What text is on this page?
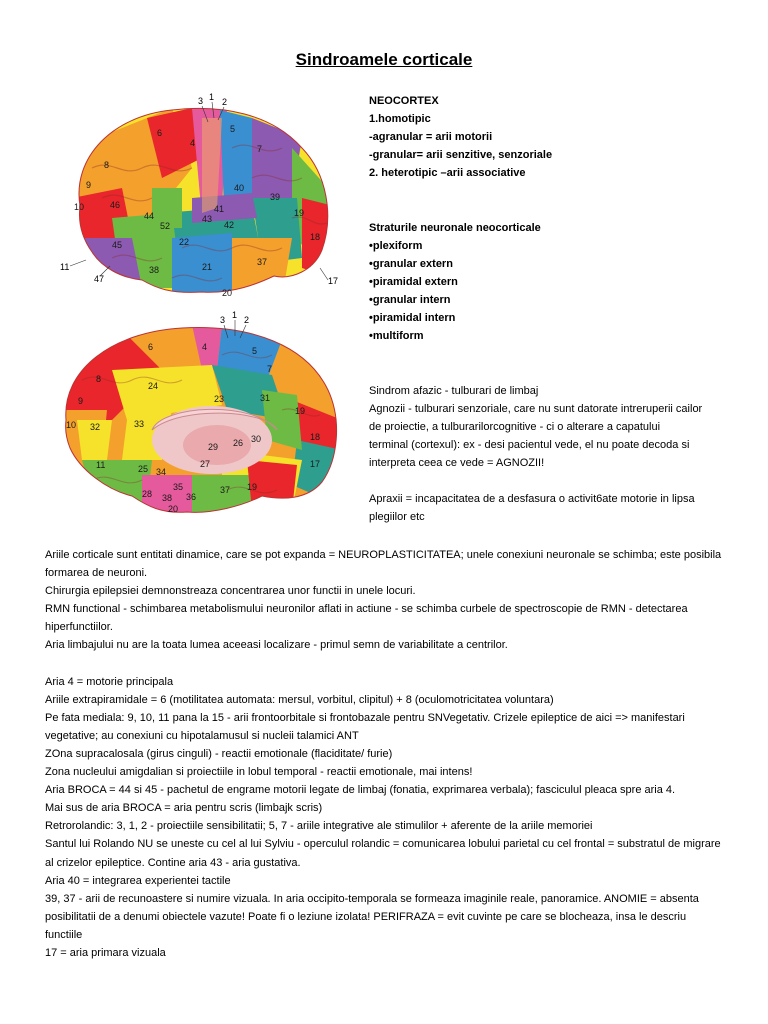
Sindroamele corticale
3 1 2
5
6
4
7
8
9	40
39
10	46
44
52
43
41
42
22
45
18
19
38	21	37
11
47
20
17
3 1 2
5
6	4
7
8
24
9	23	31
19
10 32	33
26
29
30	18
27
25
11	17
34
28
35
36
37 19
38
20
NEOCORTEX
1.homotipic
-agranular = arii motorii
-granular= arii senzitive, senzoriale
2. heterotipic –arii associative
Straturile neuronale neocorticale
•plexiform
•granular extern
•piramidal extern
•granular intern
•piramidal intern
•multiform
Sindrom afazic - tulburari de limbaj
Agnozii - tulburari senzoriale, care nu sunt datorate intreruperii cailor
de proiectie, a tulburarilorcognitive - ci o alterare a capatului
terminal (cortexul): ex - desi pacientul vede, el nu poate decoda si
interpreta ceea ce vede = AGNOZII!
Apraxii = incapacitatea de a desfasura o activit6ate motorie in lipsa
plegiilor etc

Ariile corticale sunt entitati dinamice, care se pot expanda = NEUROPLASTICITATEA; unele conexiuni neuronale se schimba; este posibila formarea de neuroni.

Chirurgia epilepsiei demnonstreaza concentrarea unor functii in unele locuri.

RMN functional - schimbarea metabolismului neuronilor aflati in actiune - se schimba curbele de spectroscopie de RMN - detectarea hiperfunctiilor.

Aria limbajului nu are la toata lumea aceeasi localizare - primul semn de variabilitate a centrilor.

Aria 4 = motorie principala

Ariile extrapiramidale = 6 (motilitatea automata: mersul, vorbitul, clipitul) + 8 (oculomotricitatea voluntara)

Pe fata mediala: 9, 10, 11 pana la 15 - arii frontoorbitale si frontobazale pentru SNVegetativ. Crizele epileptice de aici => manifestari vegetative; au conexiuni cu hipotalamusul si nucleii talamici ANT

ZOna supracalosala (girus cinguli) - reactii emotionale (flaciditate/ furie)

Zona nucleului amigdalian si proiectiile in lobul temporal - reactii emotionale, mai intens!

Aria BROCA = 44 si 45 - pachetul de engrame motorii legate de limbaj (fonatia, exprimarea verbala); fasciculul pleaca spre aria 4.

Mai sus de aria BROCA = aria pentru scris (limbajk scris)

Retrorolandic: 3, 1, 2 - proiectiile sensibilitatii; 5, 7 - ariile integrative ale stimulilor + aferente de la ariile memoriei

Santul lui Rolando NU se uneste cu cel al lui Sylviu - operculul rolandic = comunicarea lobului parietal cu cel frontal = substratul de migrare al crizelor epileptice. Contine aria 43 - aria gustativa.

Aria 40 = integrarea experientei tactile

39, 37 - arii de recunoastere si numire vizuala. In aria occipito-temporala se formeaza imaginile reale, panoramice. ANOMIE = absenta posibilitatii de a denumi obiectele vazute! Poate fi o leziune izolata! PERIFRAZA = evit cuvinte pe care se blocheaza, insa le descriu functiile

17 = aria primara vizuala
